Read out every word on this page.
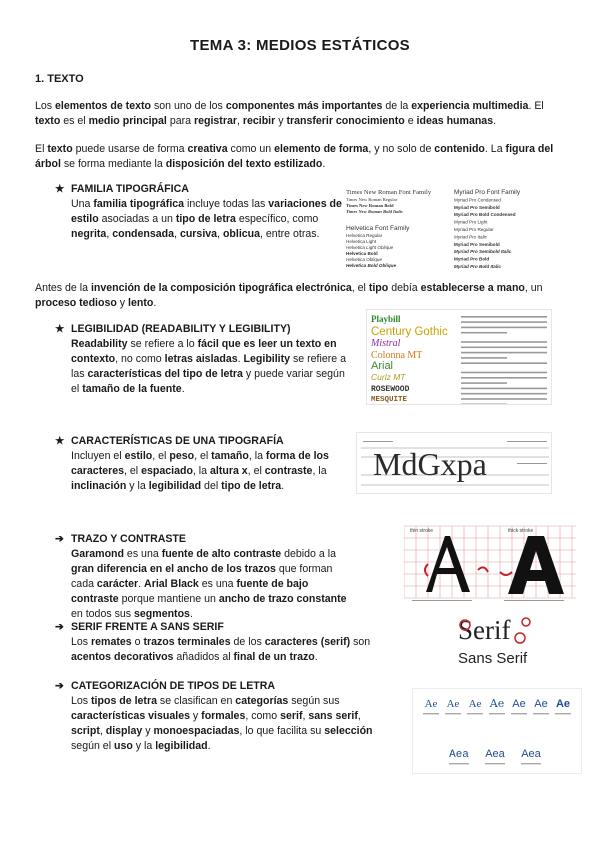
TEMA 3: MEDIOS ESTÁTICOS
1. TEXTO
Los elementos de texto son uno de los componentes más importantes de la experiencia multimedia. El texto es el medio principal para registrar, recibir y transferir conocimiento e ideas humanas.
El texto puede usarse de forma creativa como un elemento de forma, y no solo de contenido. La figura del árbol se forma mediante la disposición del texto estilizado.
★ FAMILIA TIPOGRÁFICA
Una familia tipográfica incluye todas las variaciones de estilo asociadas a un tipo de letra específico, como negrita, condensada, cursiva, oblicua, entre otras.
Times New Roman Font Family
Times New Roman Regular
Times New Roman Bold
Times New Roman Bold Italic
Helvetica Font Family
Helvetica Regular
Helvetica Light
Helvetica Light Oblique
Helvetica Bold
Helvetica Oblique
Helvetica Bold Oblique
Myriad Pro Font Family
Myriad Pro Condensed
Myriad Pro Semibold
Myriad Pro Bold Condensed
Myriad Pro Light
Myriad Pro Regular
Myriad Pro Italic
Myriad Pro Semibold
Myriad Pro Semibold Italic
Myriad Pro Bold
Myriad Pro Bold Italic
Antes de la invención de la composición tipográfica electrónica, el tipo debía establecerse a mano, un proceso tedioso y lento.
★ LEGIBILIDAD (READABILITY Y LEGIBILITY)
Readability se refiere a lo fácil que es leer un texto en contexto, no como letras aisladas. Legibility se refiere a las características del tipo de letra y puede variar según el tamaño de la fuente.
Playbill
Century Gothic
Mistral
Colonna MT
Arial
Curlz MT
ROSEWOOD
MESQUITE
★ CARACTERÍSTICAS DE UNA TIPOGRAFÍA
Incluyen el estilo, el peso, el tamaño, la forma de los caracteres, el espaciado, la altura x, el contraste, la inclinación y la legibilidad del tipo de letra.
MdGxpa
➔ TRAZO Y CONTRASTE
Garamond es una fuente de alto contraste debido a la gran diferencia en el ancho de los trazos que forman cada carácter. Arial Black es una fuente de bajo contraste porque mantiene un ancho de trazo constante en todos sus segmentos.
thin stroke	thick stroke
➔ SERIF FRENTE A SANS SERIF
Los remates o trazos terminales de los caracteres (serif) son acentos decorativos añadidos al final de un trazo.
Serif
Sans Serif
➔ CATEGORIZACIÓN DE TIPOS DE LETRA
Los tipos de letra se clasifican en categorías según sus características visuales y formales, como serif, sans serif, script, display y monoespaciadas, lo que facilita su selección según el uso y la legibilidad.
Ae Ae Ae Ae Ae Ae Ae
Aea Aea Aea
